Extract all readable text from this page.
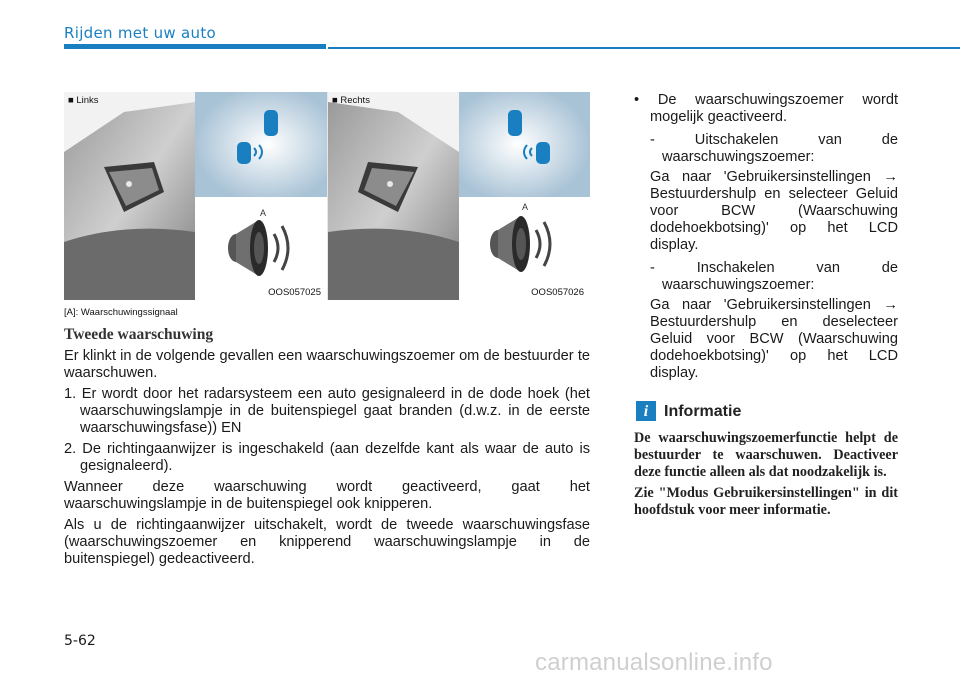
Rijden met uw auto
■ Links
A
OOS057025
■ Rechts
A
OOS057026
[A]: Waarschuwingssignaal
Tweede waarschuwing

Er klinkt in de volgende gevallen een waarschuwingszoemer om de bestuurder te waarschuwen.

1. Er wordt door het radarsysteem een auto gesignaleerd in de dode hoek (het waarschuwingslampje in de buitenspiegel gaat branden (d.w.z. in de eerste waarschuwingsfase)) EN

2. De richtingaanwijzer is ingeschakeld (aan dezelfde kant als waar de auto is gesignaleerd).

Wanneer deze waarschuwing wordt geactiveerd, gaat het

waarschuwingslampje in de buitenspiegel ook knipperen.

Als u de richtingaanwijzer uitschakelt, wordt de tweede waarschuwingsfase (waarschuwingszoemer en knipperend waarschuwingslampje in de buitenspiegel) gedeactiveerd.

• De waarschuwingszoemer wordt mogelijk geactiveerd.

- Uitschakelen van de waarschuwingszoemer:

Ga naar 'Gebruikersinstellingen → Bestuurdershulp en selecteer Geluid voor BCW (Waarschuwing dodehoekbotsing)' op het LCD display.

- Inschakelen van de waarschuwingszoemer:

Ga naar 'Gebruikersinstellingen → Bestuurdershulp en deselecteer Geluid voor BCW (Waarschuwing dodehoekbotsing)' op het LCD display.

i Informatie

De waarschuwingszoemerfunctie helpt de bestuurder te waarschuwen. Deactiveer deze functie alleen als dat noodzakelijk is.

Zie "Modus Gebruikersinstellingen" in dit hoofdstuk voor meer informatie.

5-62
carmanualsonline.info
